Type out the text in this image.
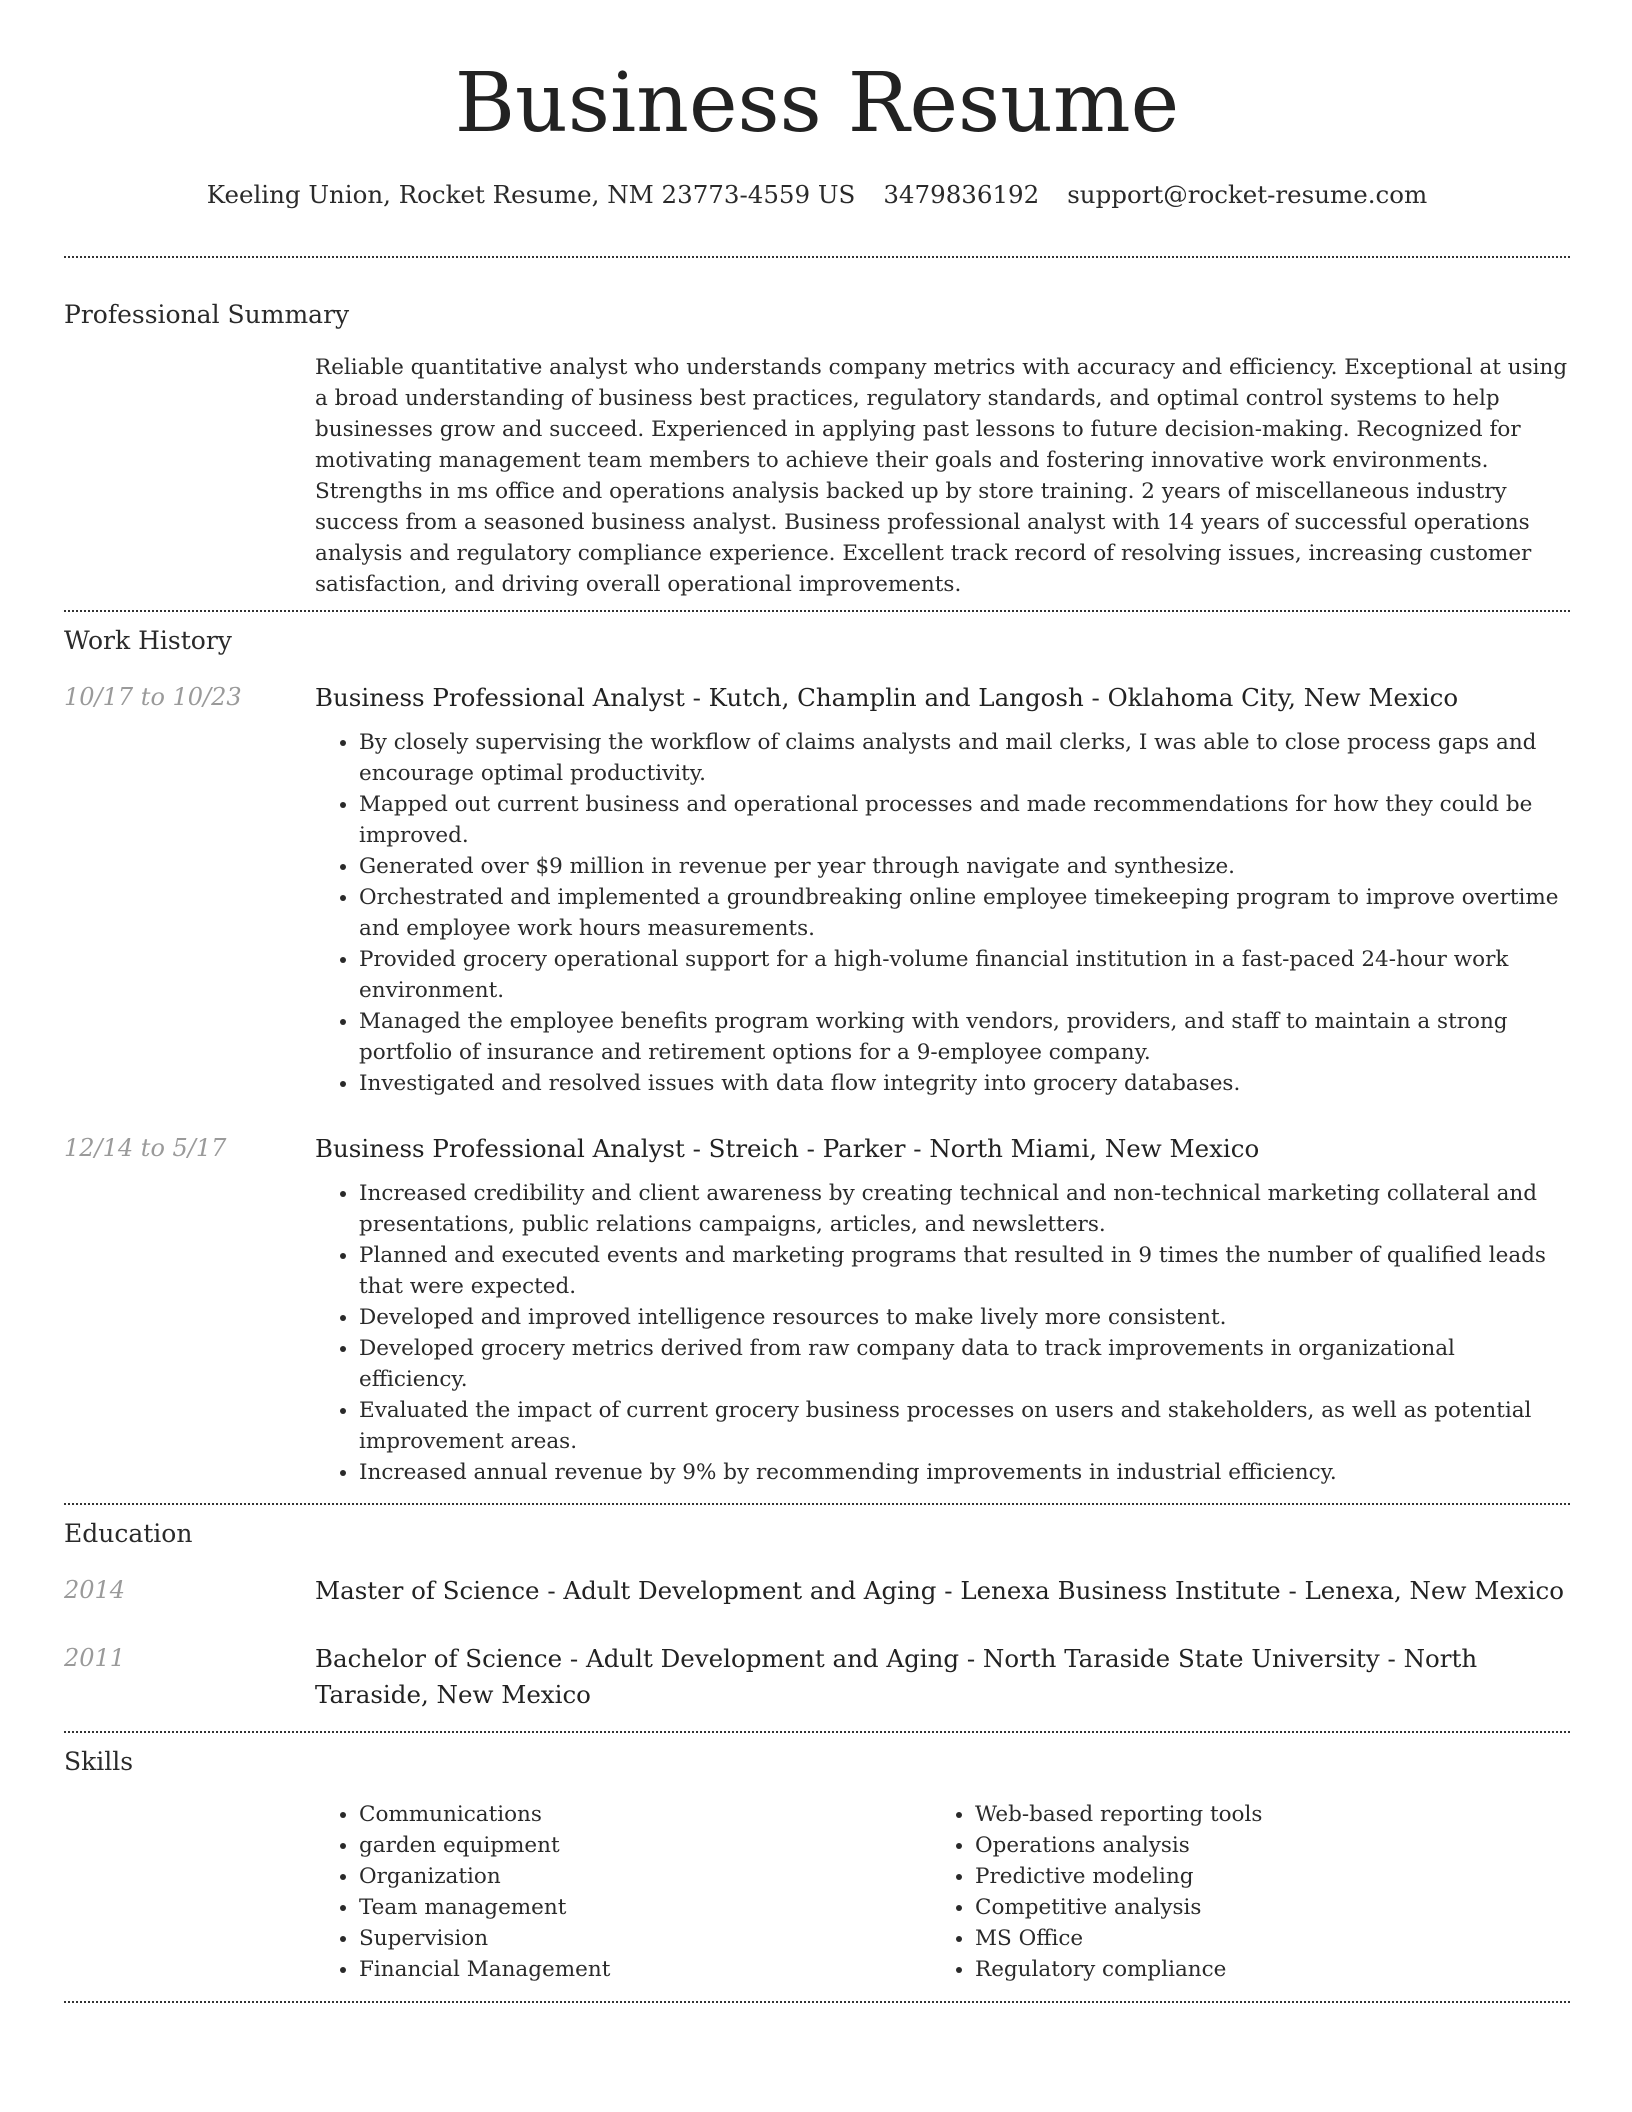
Business Resume
Keeling Union, Rocket Resume, NM 23773-4559 US 3479836192 support@rocket-resume.com
Professional Summary
Reliable quantitative analyst who understands company metrics with accuracy and efficiency. Exceptional at using a broad understanding of business best practices, regulatory standards, and optimal control systems to help businesses grow and succeed. Experienced in applying past lessons to future decision-making. Recognized for motivating management team members to achieve their goals and fostering innovative work environments. Strengths in ms office and operations analysis backed up by store training. 2 years of miscellaneous industry success from a seasoned business analyst. Business professional analyst with 14 years of successful operations analysis and regulatory compliance experience. Excellent track record of resolving issues, increasing customer satisfaction, and driving overall operational improvements.
Work History
10/17 to 10/23	Business Professional Analyst - Kutch, Champlin and Langosh - Oklahoma City, New Mexico
• By closely supervising the workflow of claims analysts and mail clerks, I was able to close process gaps and encourage optimal productivity.
• Mapped out current business and operational processes and made recommendations for how they could be improved.
• Generated over $9 million in revenue per year through navigate and synthesize.
• Orchestrated and implemented a groundbreaking online employee timekeeping program to improve overtime and employee work hours measurements.
• Provided grocery operational support for a high-volume financial institution in a fast-paced 24-hour work environment.
• Managed the employee benefits program working with vendors, providers, and staff to maintain a strong portfolio of insurance and retirement options for a 9-employee company.
• Investigated and resolved issues with data flow integrity into grocery databases.
12/14 to 5/17	Business Professional Analyst - Streich - Parker - North Miami, New Mexico
• Increased credibility and client awareness by creating technical and non-technical marketing collateral and presentations, public relations campaigns, articles, and newsletters.
• Planned and executed events and marketing programs that resulted in 9 times the number of qualified leads that were expected.
• Developed and improved intelligence resources to make lively more consistent.
• Developed grocery metrics derived from raw company data to track improvements in organizational efficiency.
• Evaluated the impact of current grocery business processes on users and stakeholders, as well as potential improvement areas.
• Increased annual revenue by 9% by recommending improvements in industrial efficiency.
Education
2014	Master of Science - Adult Development and Aging - Lenexa Business Institute - Lenexa, New Mexico
2011	Bachelor of Science - Adult Development and Aging - North Taraside State University - North Taraside, New Mexico
Skills
• Communications
• garden equipment
• Organization
• Team management
• Supervision
• Financial Management
• Web-based reporting tools
• Operations analysis
• Predictive modeling
• Competitive analysis
• MS Office
• Regulatory compliance
